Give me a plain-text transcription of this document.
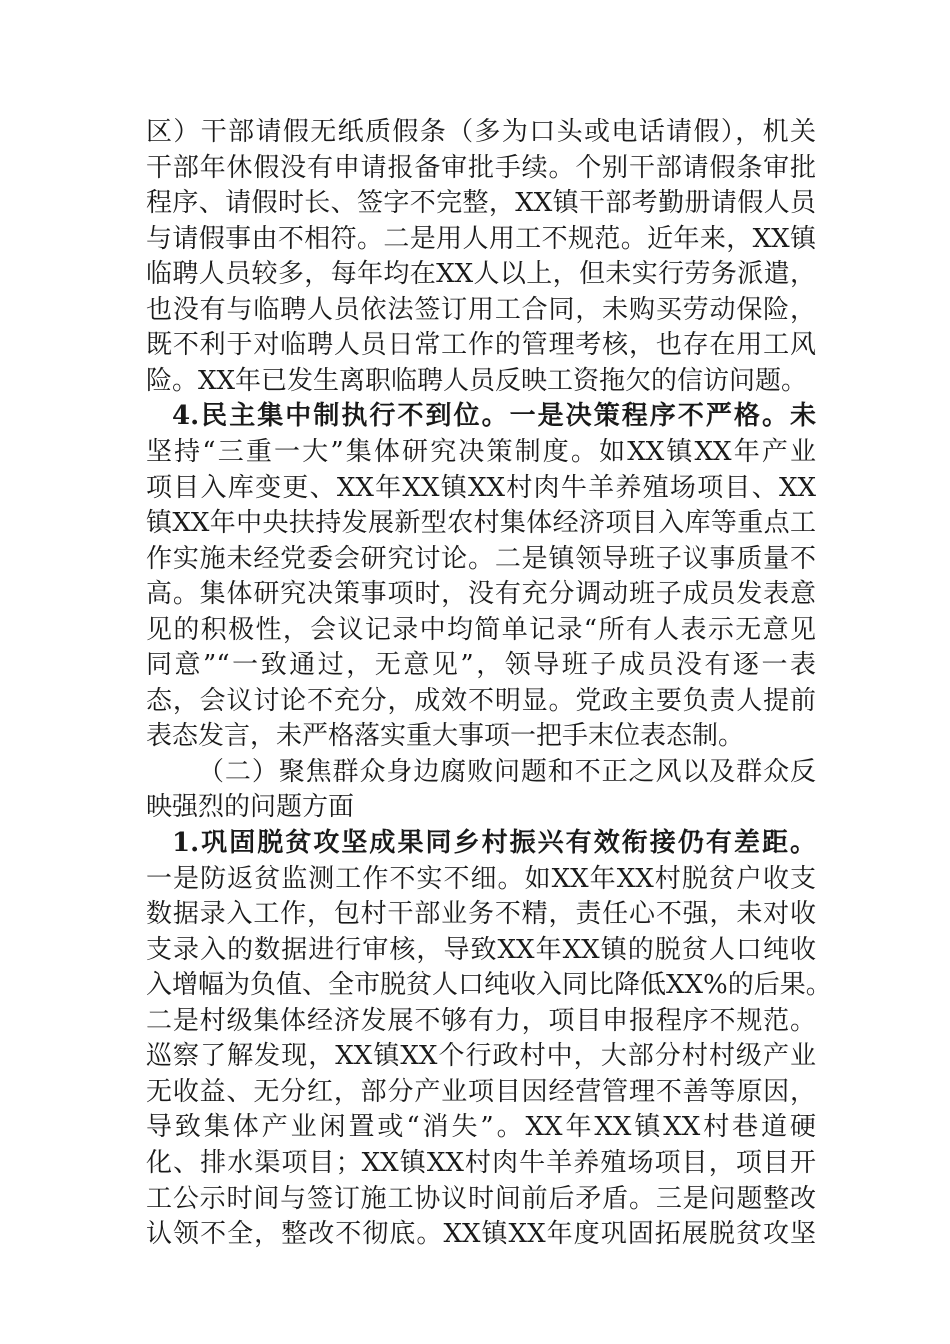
区）干部请假无纸质假条（多为口头或电话请假），机关
干部年休假没有申请报备审批手续。个别干部请假条审批
程序、请假时长、签字不完整，XX镇干部考勤册请假人员
与请假事由不相符。二是用人用工不规范。近年来，XX镇
临聘人员较多，每年均在XX人以上，但未实行劳务派遣，
也没有与临聘人员依法签订用工合同，未购买劳动保险，
既不利于对临聘人员日常工作的管理考核，也存在用工风
险。XX年已发生离职临聘人员反映工资拖欠的信访问题。
4.民主集中制执行不到位。一是决策程序不严格。未
坚持“三重一大”集体研究决策制度。如XX镇XX年产业
项目入库变更、XX年XX镇XX村肉牛羊养殖场项目、XX
镇XX年中央扶持发展新型农村集体经济项目入库等重点工
作实施未经党委会研究讨论。二是镇领导班子议事质量不
高。集体研究决策事项时，没有充分调动班子成员发表意
见的积极性，会议记录中均简单记录“所有人表示无意见
同意”“一致通过，无意见”，领导班子成员没有逐一表
态，会议讨论不充分，成效不明显。党政主要负责人提前
表态发言，未严格落实重大事项一把手末位表态制。
（二）聚焦群众身边腐败问题和不正之风以及群众反
映强烈的问题方面
1.巩固脱贫攻坚成果同乡村振兴有效衔接仍有差距。
一是防返贫监测工作不实不细。如XX年XX村脱贫户收支
数据录入工作，包村干部业务不精，责任心不强，未对收
支录入的数据进行审核，导致XX年XX镇的脱贫人口纯收
入增幅为负值、全市脱贫人口纯收入同比降低XX%的后果。
二是村级集体经济发展不够有力，项目申报程序不规范。
巡察了解发现，XX镇XX个行政村中，大部分村村级产业
无收益、无分红，部分产业项目因经营管理不善等原因，
导致集体产业闲置或“消失”。XX年XX镇XX村巷道硬
化、排水渠项目；XX镇XX村肉牛羊养殖场项目，项目开
工公示时间与签订施工协议时间前后矛盾。三是问题整改
认领不全，整改不彻底。XX镇XX年度巩固拓展脱贫攻坚
